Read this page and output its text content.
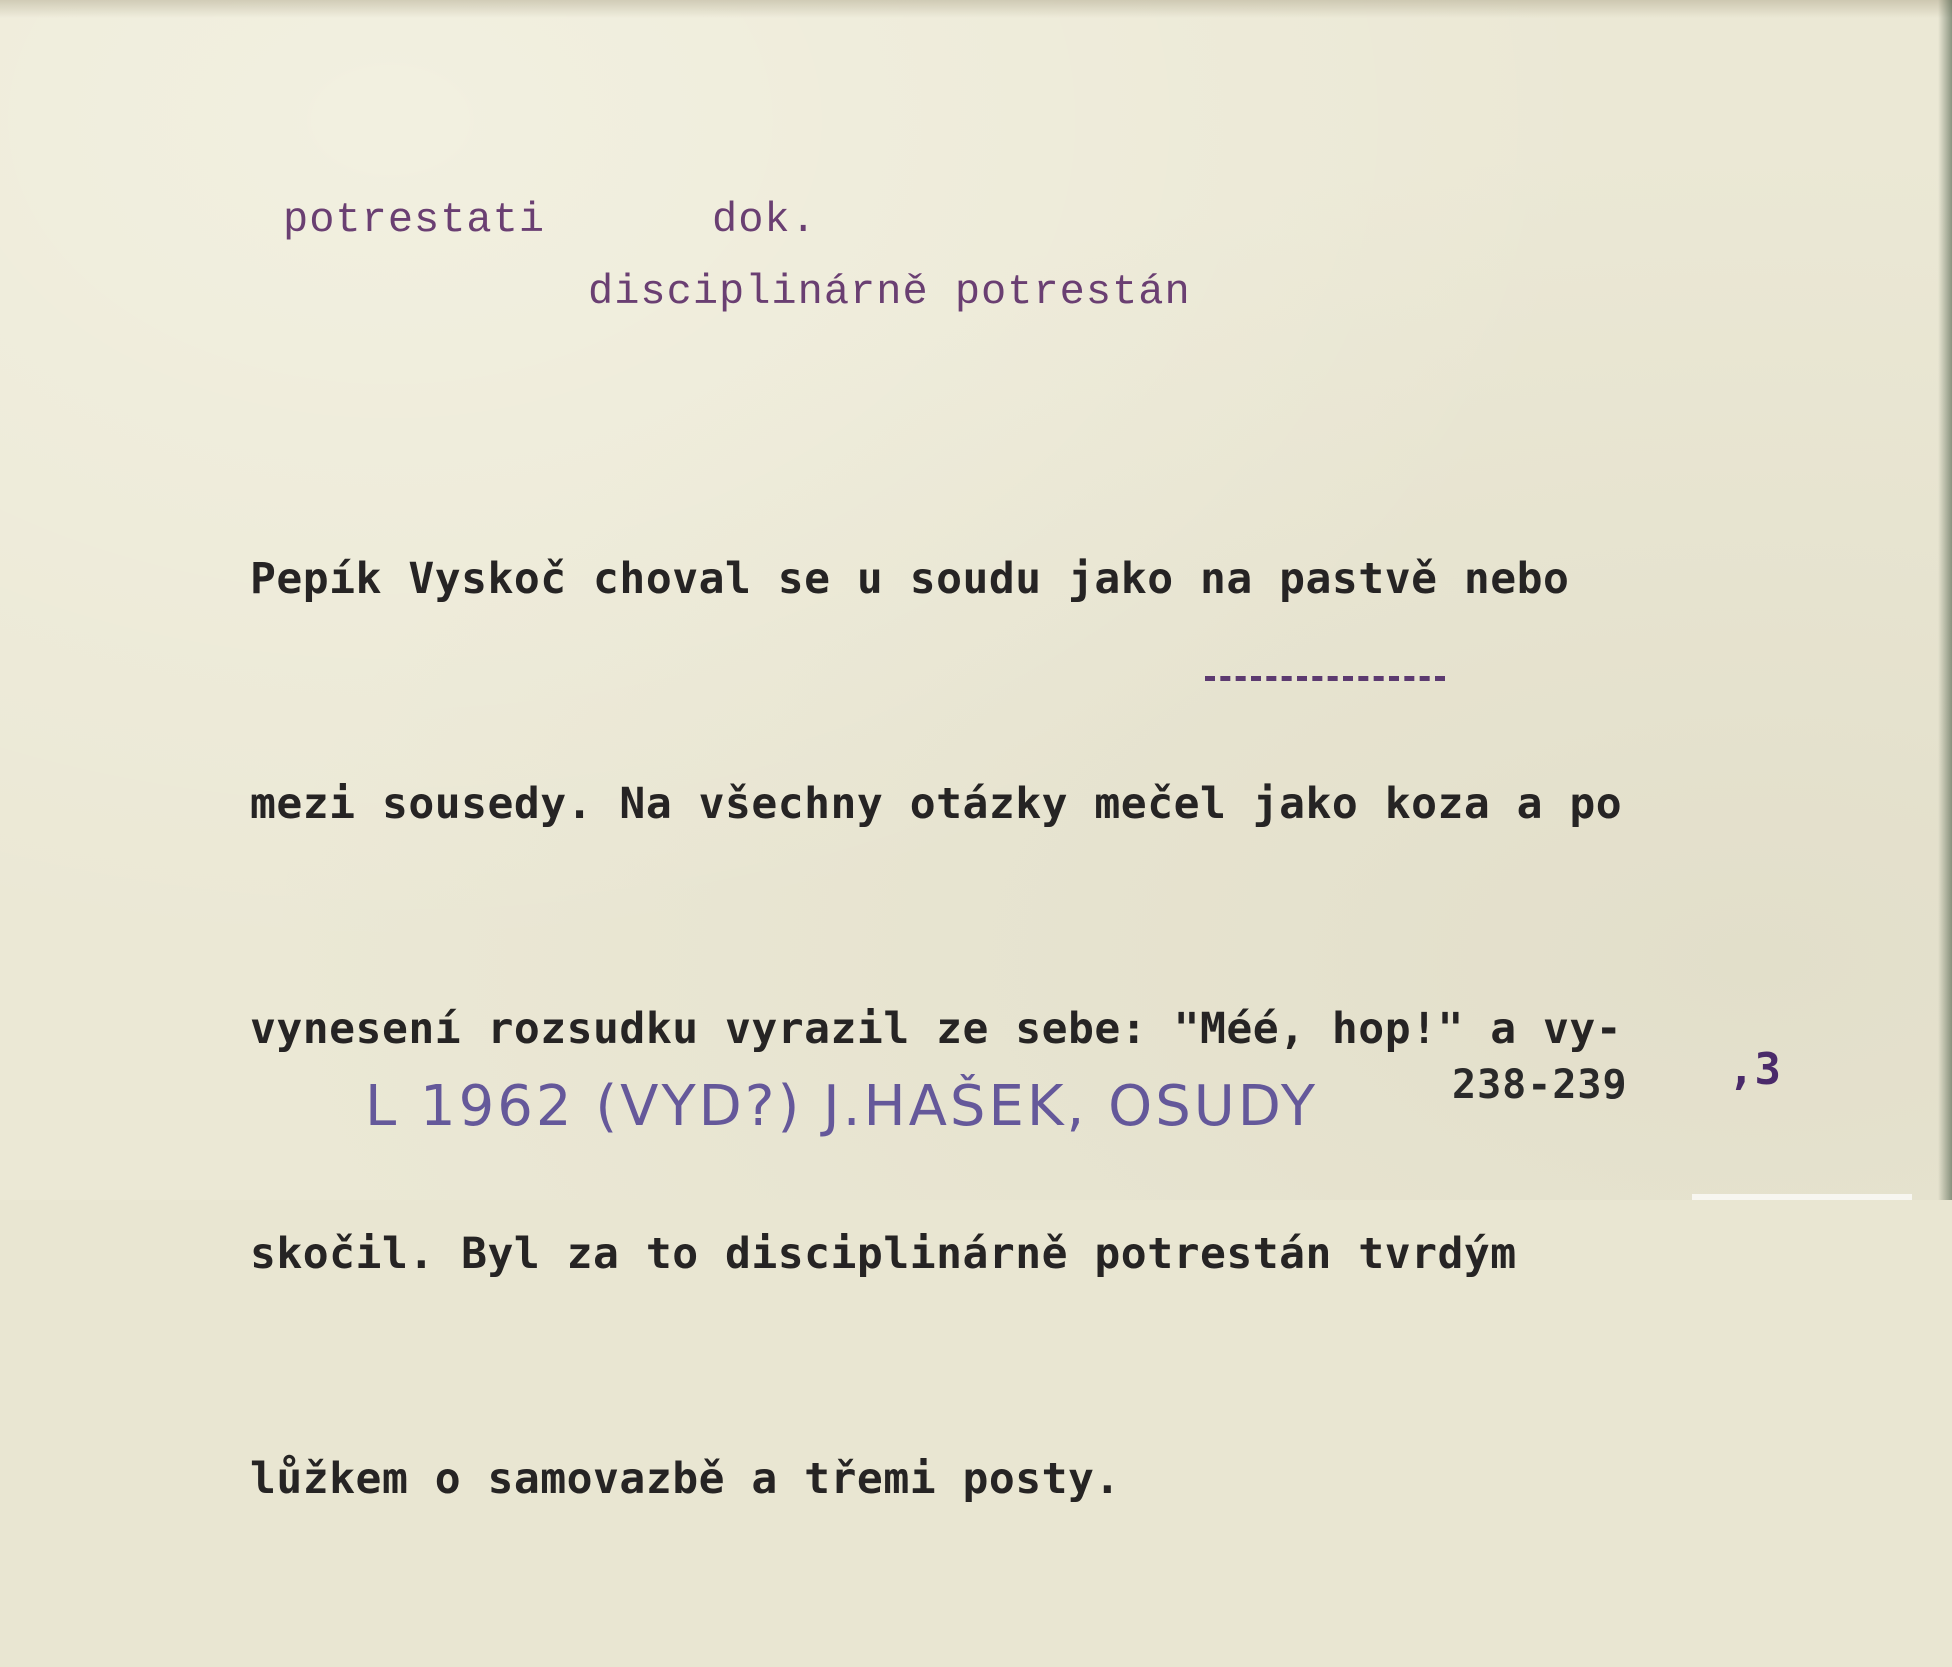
potrestati	dok.
disciplinárně potrestán

Pepík Vyskoč choval se u soudu jako na pastvě nebo

mezi sousedy. Na všechny otázky mečel jako koza a po

vynesení rozsudku vyrazil ze sebe: "Méé, hop!" a vy-

skočil. Byl za to disciplinárně potrestán tvrdým

lůžkem o samovazbě a třemi posty.

L 1962 (VYD?) J.HAŠEK, OSUDY	238-239 ,3
